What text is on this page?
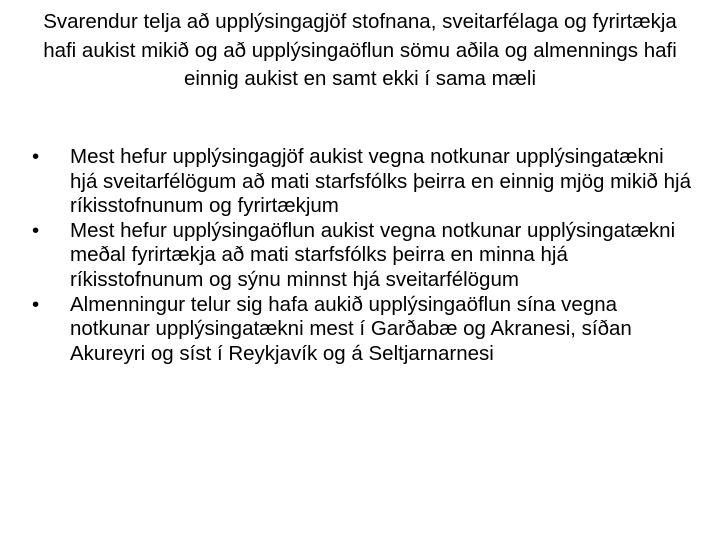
Svarendur telja að upplýsingagjöf stofnana, sveitarfélaga og fyrirtækja hafi aukist mikið og að upplýsingaöflun sömu aðila og almennings hafi einnig aukist en samt ekki í sama mæli

•	Mest hefur upplýsingagjöf aukist vegna notkunar upplýsingatækni hjá sveitarfélögum að mati starfsfólks þeirra en einnig mjög mikið hjá ríkisstofnunum og fyrirtækjum
•	Mest hefur upplýsingaöflun aukist vegna notkunar upplýsingatækni meðal fyrirtækja að mati starfsfólks þeirra en minna hjá ríkisstofnunum og sýnu minnst hjá sveitarfélögum
•	Almenningur telur sig hafa aukið upplýsingaöflun sína vegna notkunar upplýsingatækni mest í Garðabæ og Akranesi, síðan Akureyri og síst í Reykjavík og á Seltjarnarnesi
